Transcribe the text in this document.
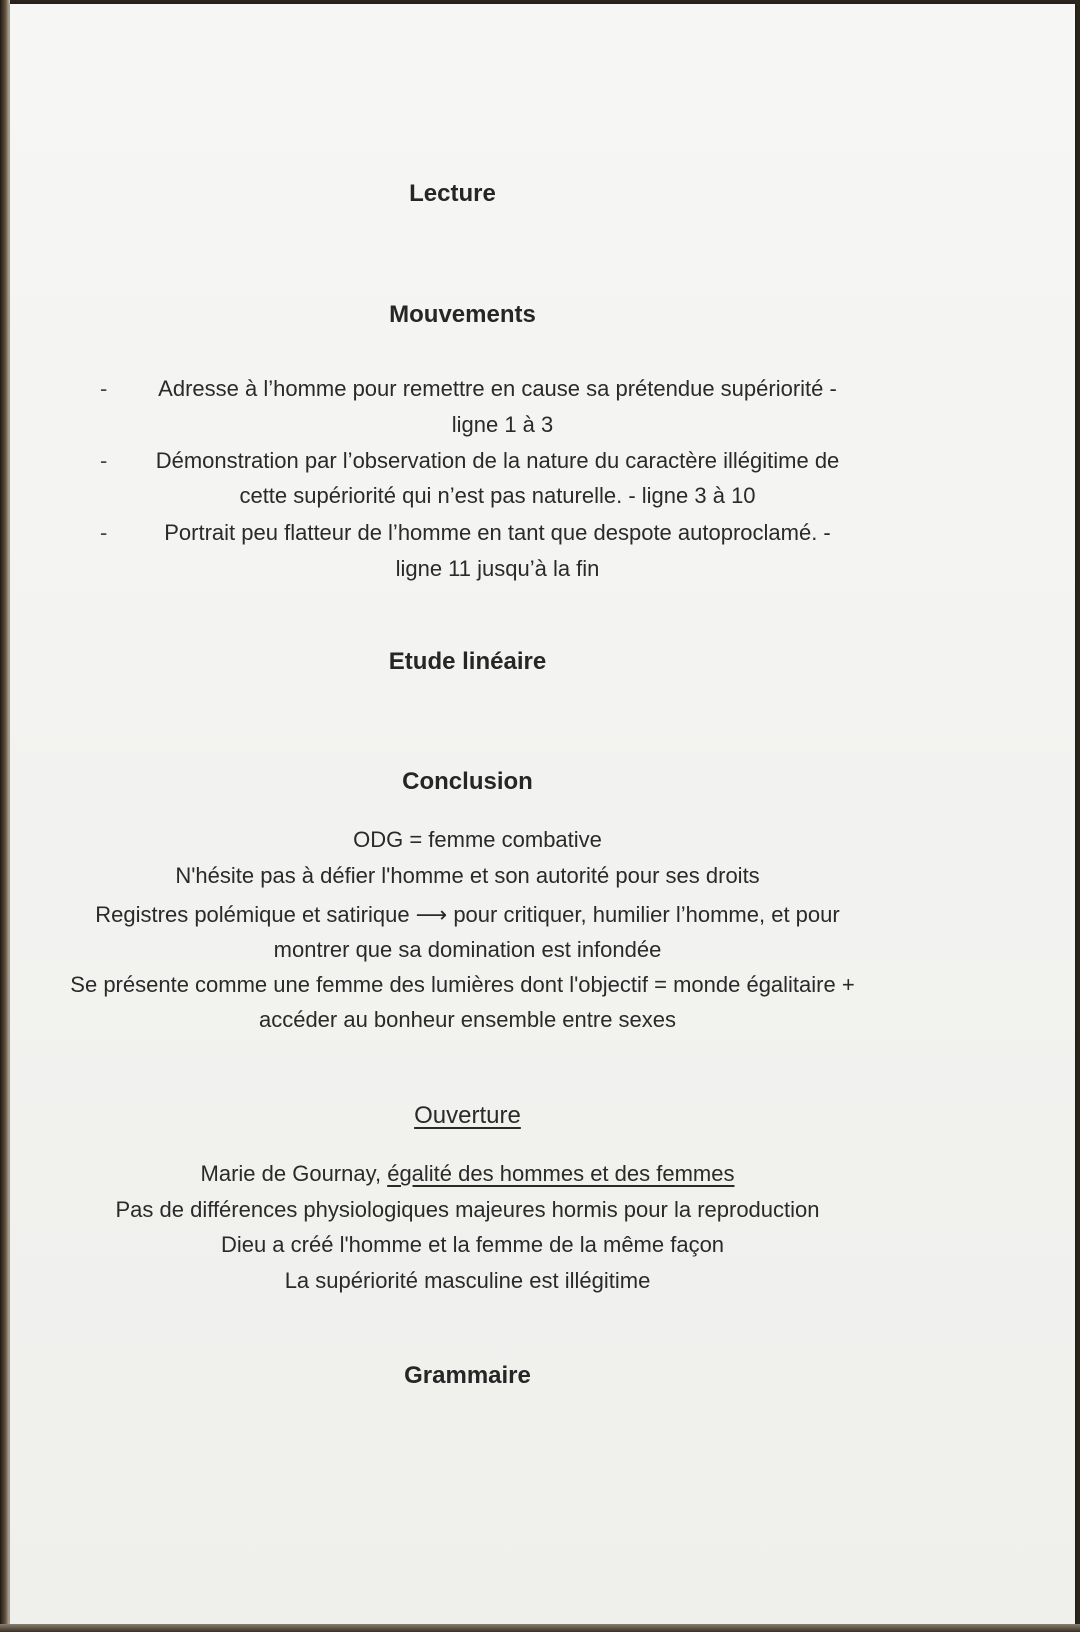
Lecture
Mouvements
-	Adresse à l’homme pour remettre en cause sa prétendue supériorité -
ligne 1 à 3
-	Démonstration par l’observation de la nature du caractère illégitime de
cette supériorité qui n’est pas naturelle. - ligne 3 à 10
-	Portrait peu flatteur de l’homme en tant que despote autoproclamé. -
ligne 11 jusqu’à la fin
Etude linéaire
Conclusion
ODG = femme combative
N'hésite pas à défier l'homme et son autorité pour ses droits
Registres polémique et satirique ⟶ pour critiquer, humilier l’homme, et pour
montrer que sa domination est infondée
Se présente comme une femme des lumières dont l'objectif = monde égalitaire +
accéder au bonheur ensemble entre sexes
Ouverture
Marie de Gournay, égalité des hommes et des femmes
Pas de différences physiologiques majeures hormis pour la reproduction
Dieu a créé l'homme et la femme de la même façon
La supériorité masculine est illégitime
Grammaire
